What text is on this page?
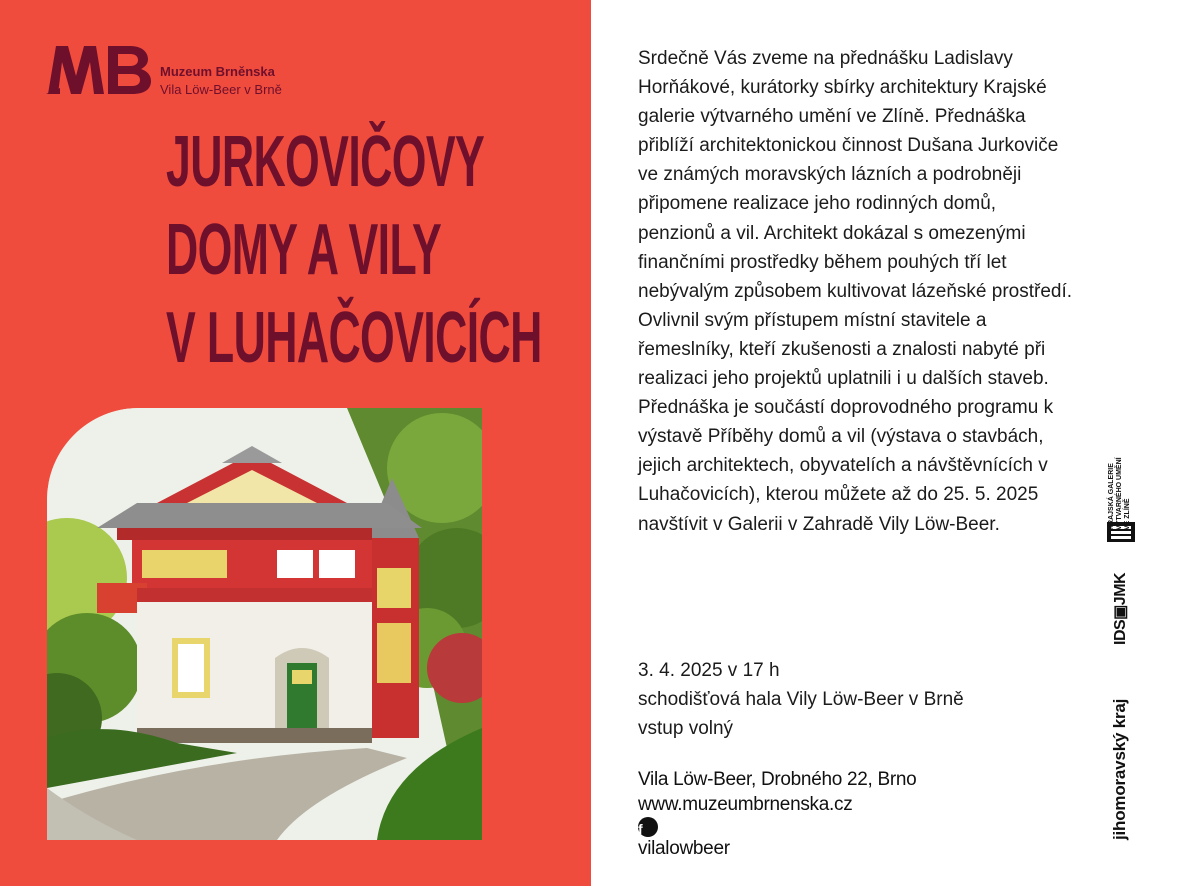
Muzeum Brněnska
Vila Löw-Beer v Brně
JURKOVIČOVY
DOMY A VILY
V LUHAČOVICÍCH

Srdečně Vás zveme na přednášku Ladislavy Horňákové, kurátorky sbírky architektury Krajské galerie výtvarného umění ve Zlíně. Přednáška přiblíží architektonickou činnost Dušana Jurkoviče ve známých moravských lázních a podrobněji připomene realizace jeho rodinných domů, penzionů a vil. Architekt dokázal s omezenými finančními prostředky během pouhých tří let nebývalým způsobem kultivovat lázeňské prostředí. Ovlivnil svým přístupem místní stavitele a řemeslníky, kteří zkušenosti a znalosti nabyté při realizaci jeho projektů uplatnili i u dalších staveb.

Přednáška je součástí doprovodného programu k výstavě Příběhy domů a vil (výstava o stavbách, jejich architektech, obyvatelích a návštěvnících v Luhačovicích), kterou můžete až do 25. 5. 2025 navštívit v Galerii v Zahradě Vily Löw-Beer.

3. 4. 2025 v 17 h
schodišťová hala Vily Löw-Beer v Brně
vstup volný
Vila Löw-Beer, Drobného 22, Brno
www.muzeumbrnenska.cz
f
vilalowbeer
KRAJSKÁ GALERIE VÝTVARNÉHO UMĚNÍ VE ZLÍNĚ
IDS▣JMK
jihomoravský kraj
